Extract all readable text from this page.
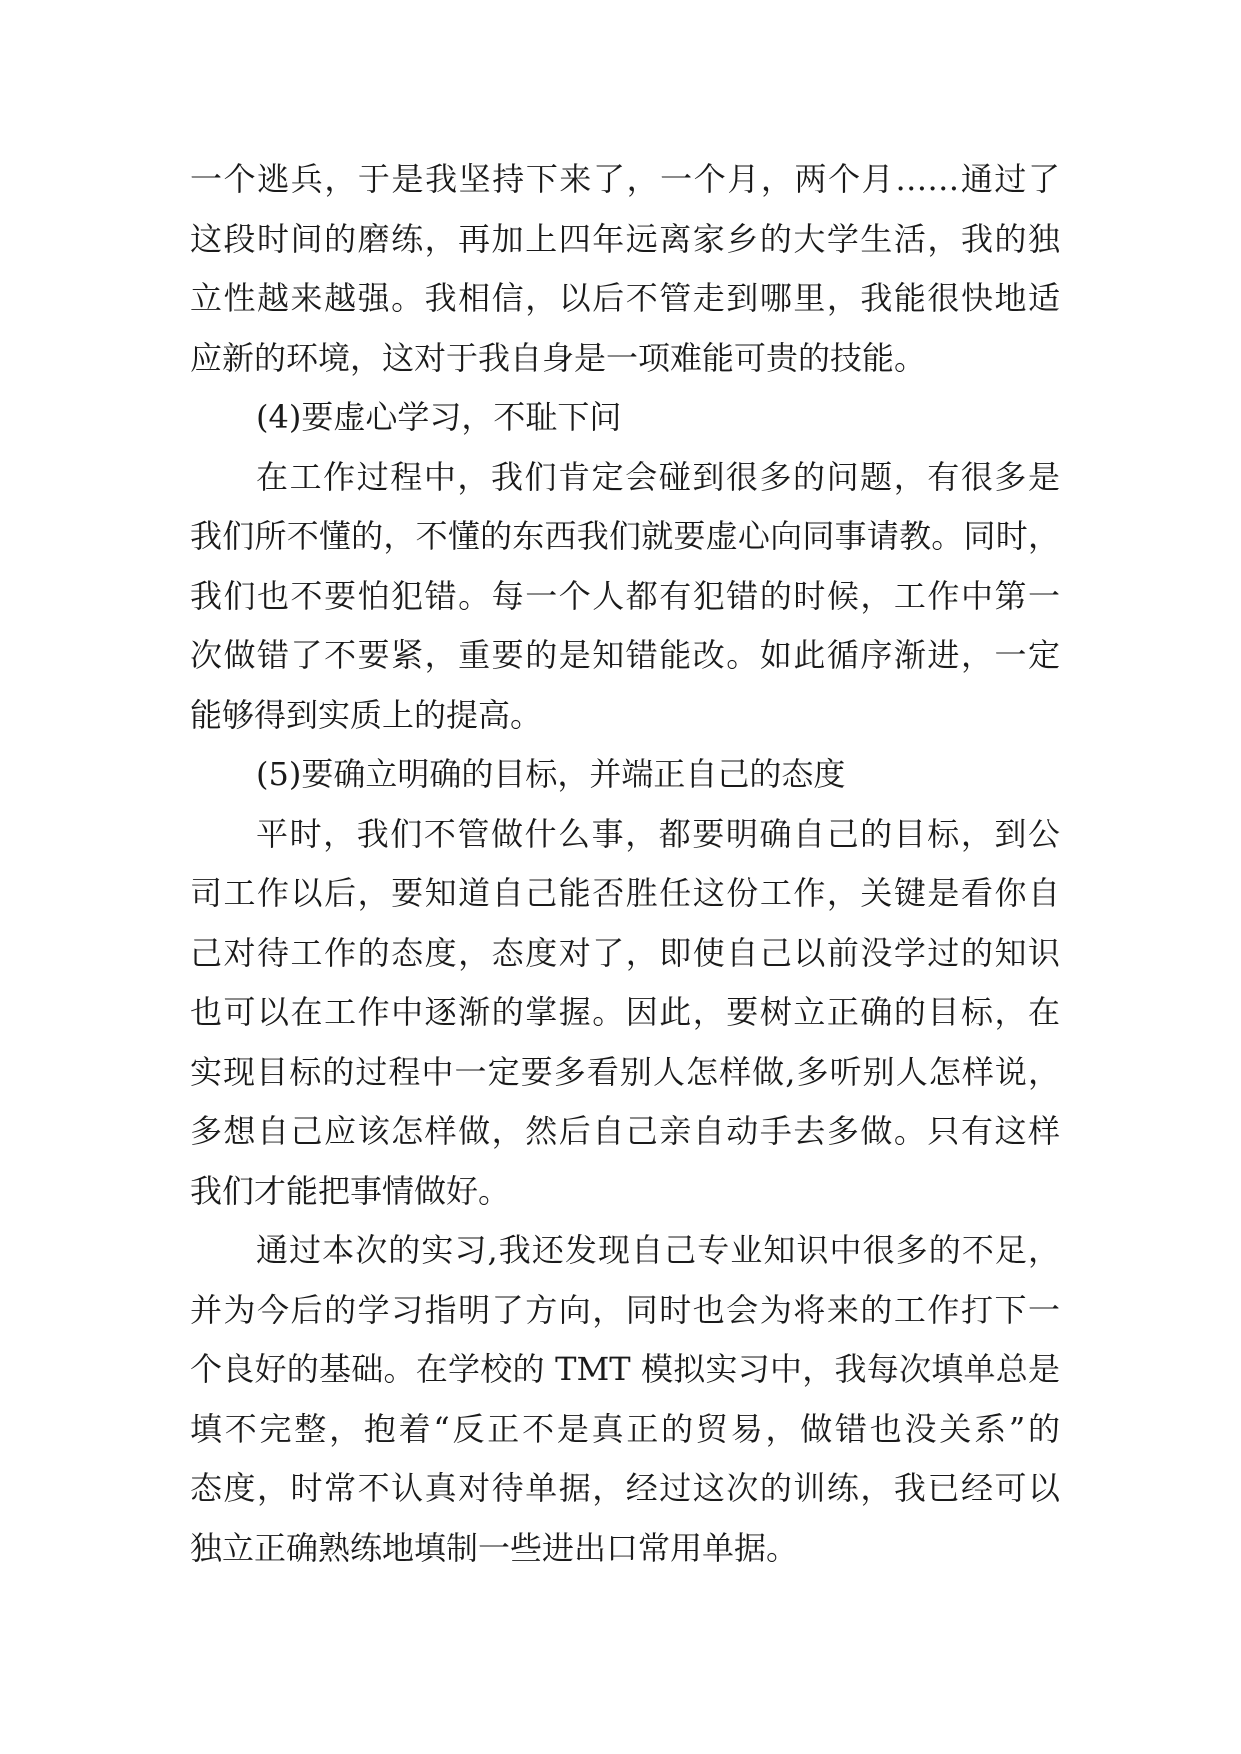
一个逃兵，于是我坚持下来了，一个月，两个月……通过了
这段时间的磨练，再加上四年远离家乡的大学生活，我的独
立性越来越强。我相信，以后不管走到哪里，我能很快地适
应新的环境，这对于我自身是一项难能可贵的技能。
(4)要虚心学习，不耻下问
在工作过程中，我们肯定会碰到很多的问题，有很多是
我们所不懂的，不懂的东西我们就要虚心向同事请教。同时，
我们也不要怕犯错。每一个人都有犯错的时候，工作中第一
次做错了不要紧，重要的是知错能改。如此循序渐进，一定
能够得到实质上的提高。
(5)要确立明确的目标，并端正自己的态度
平时，我们不管做什么事，都要明确自己的目标，到公
司工作以后，要知道自己能否胜任这份工作，关键是看你自
己对待工作的态度，态度对了，即使自己以前没学过的知识
也可以在工作中逐渐的掌握。因此，要树立正确的目标，在
实现目标的过程中一定要多看别人怎样做,多听别人怎样说，
多想自己应该怎样做，然后自己亲自动手去多做。只有这样
我们才能把事情做好。
通过本次的实习,我还发现自己专业知识中很多的不足，
并为今后的学习指明了方向，同时也会为将来的工作打下一
个良好的基础。在学校的 TMT 模拟实习中，我每次填单总是
填不完整，抱着“反正不是真正的贸易，做错也没关系”的
态度，时常不认真对待单据，经过这次的训练，我已经可以
独立正确熟练地填制一些进出口常用单据。
